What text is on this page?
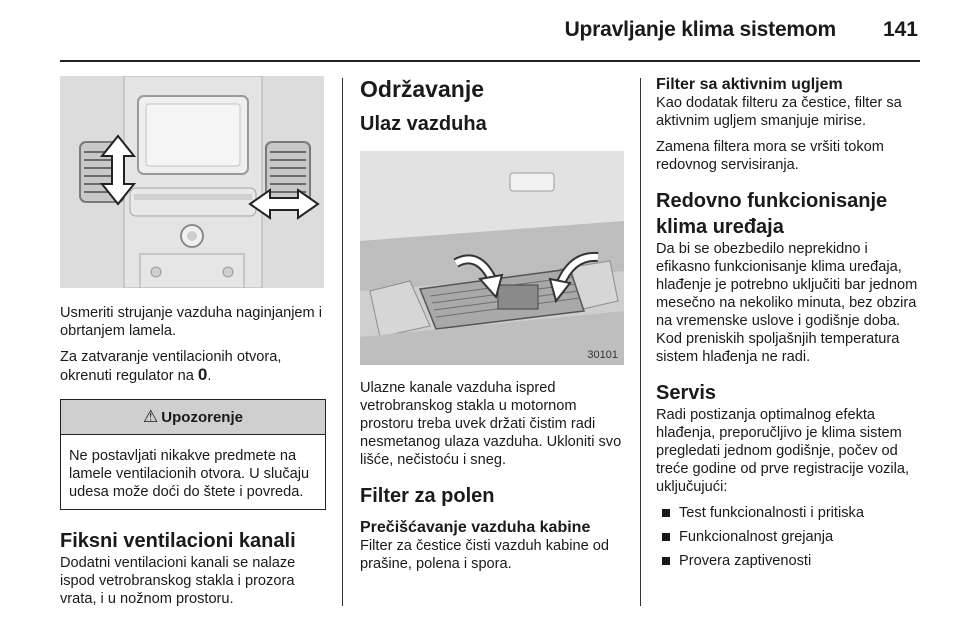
Upravljanje klima sistemom 141

Usmeriti strujanje vazduha naginjanjem i obrtanjem lamela.

Za zatvaranje ventilacionih otvora, okrenuti regulator na 0.

⚠ Upozorenje
Ne postavljati nikakve predmete na lamele ventilacionih otvora. U slučaju udesa može doći do štete i povreda.
Fiksni ventilacioni kanali

Dodatni ventilacioni kanali se nalaze ispod vetrobranskog stakla i prozora vrata, i u nožnom prostoru.

Održavanje
Ulaz vazduha
30101

Ulazne kanale vazduha ispred vetrobranskog stakla u motornom prostoru treba uvek držati čistim radi nesmetanog ulaza vazduha. Ukloniti svo lišće, nečistoću i sneg.

Filter za polen
Prečišćavanje vazduha kabine

Filter za čestice čisti vazduh kabine od prašine, polena i spora.

Filter sa aktivnim ugljem

Kao dodatak filteru za čestice, filter sa aktivnim ugljem smanjuje mirise.

Zamena filtera mora se vršiti tokom redovnog servisiranja.

Redovno funkcionisanje klima uređaja

Da bi se obezbedilo neprekidno i efikasno funkcionisanje klima uređaja, hlađenje je potrebno uključiti bar jednom mesečno na nekoliko minuta, bez obzira na vremenske uslove i godišnje doba. Kod preniskih spoljašnjih temperatura sistem hlađenja ne radi.

Servis

Radi postizanja optimalnog efekta hlađenja, preporučljivo je klima sistem pregledati jednom godišnje, počev od treće godine od prve registracije vozila, uključujući:

Test funkcionalnosti i pritiska
Funkcionalnost grejanja
Provera zaptivenosti
